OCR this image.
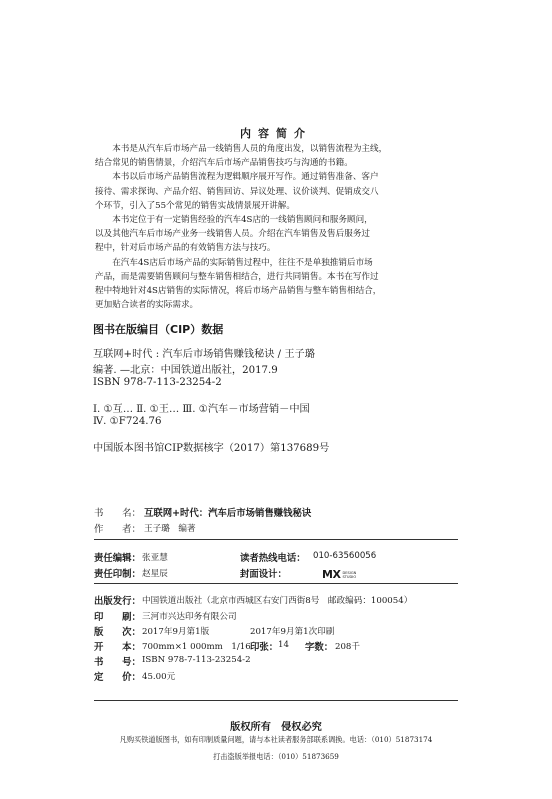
内容简介

本书是从汽车后市场产品一线销售人员的角度出发，以销售流程为主线，
结合常见的销售情景，介绍汽车后市场产品销售技巧与沟通的书籍。

本书以后市场产品销售流程为逻辑顺序展开写作。通过销售准备、客户
接待、需求探询、产品介绍、销售回访、异议处理、议价谈判、促销成交八
个环节，引入了55个常见的销售实战情景展开讲解。

本书定位于有一定销售经验的汽车4S店的一线销售顾问和服务顾问，
以及其他汽车后市场产业务一线销售人员。介绍在汽车销售及售后服务过
程中，针对后市场产品的有效销售方法与技巧。

在汽车4S店后市场产品的实际销售过程中，往往不是单独推销后市场
产品，而是需要销售顾问与整车销售相结合，进行共同销售。本书在写作过
程中特地针对4S店销售的实际情况，将后市场产品销售与整车销售相结合，
更加贴合读者的实际需求。

图书在版编目（CIP）数据
互联网+时代 : 汽车后市场销售赚钱秘诀 / 王子璐
编著. —北京：中国铁道出版社，2017.9
ISBN 978-7-113-23254-2
Ⅰ. ①互… Ⅱ. ①王… Ⅲ. ①汽车－市场营销－中国
Ⅳ. ①F724.76
中国版本图书馆CIP数据核字（2017）第137689号
书　　名： 互联网+时代：汽车后市场销售赚钱秘诀
作　　者： 王子璐　编著
责任编辑： 张亚慧	读者热线电话： 010-63560056
责任印制： 赵星辰	封面设计：	MX DESIGN
STUDIO
出版发行： 中国铁道出版社（北京市西城区右安门西街8号　邮政编码：100054）
印　　刷： 三河市兴达印务有限公司
版　　次： 2017年9月第1版	2017年9月第1次印刷
开　　本： 700mm×1 000mm　1/16 印张： 14 字数： 208千
书　　号： ISBN 978-7-113-23254-2
定　　价： 45.00元
版权所有　侵权必究
凡购买铁道版图书，如有印制质量问题，请与本社读者服务部联系调换。电话：（010）51873174
打击盗版举报电话：（010）51873659
